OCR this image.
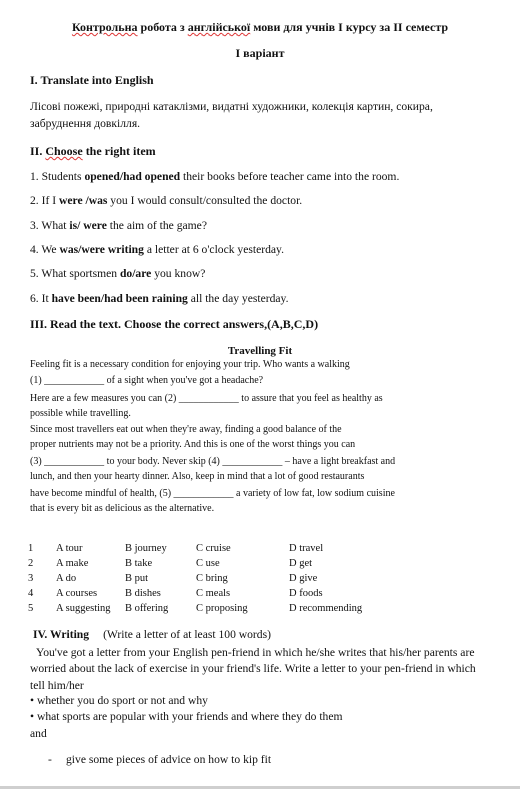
Контрольна робота з англійської мови для учнів І курсу за ІІ семестр
І варіант
I. Translate into English
Лісові пожежі, природні катаклізми, видатні художники, колекція картин, сокира,
забруднення довкілля.
II. Choose the right item
1. Students opened/had opened their books before teacher came into the room.
2. If I were /was you I would consult/consulted the doctor.
3. What is/ were the aim of the game?
4. We was/were writing a letter at 6 o'clock yesterday.
5. What sportsmen do/are you know?
6. It have been/had been raining all the day yesterday.
III. Read the text. Choose the correct answers,(A,B,C,D)
Travelling Fit
Feeling fit is a necessary condition for enjoying your trip. Who wants a walking
(1) ____________ of a sight when you've got a headache?
Here are a few measures you can (2) ____________ to assure that you feel as healthy as
possible while travelling.
Since most travellers eat out when they're away, finding a good balance of the
proper nutrients may not be a priority. And this is one of the worst things you can
(3) ____________ to your body. Never skip (4) ____________ – have a light breakfast and
lunch, and then your hearty dinner. Also, keep in mind that a lot of good restaurants
have become mindful of health, (5) ____________ a variety of low fat, low sodium cuisine
that is every bit as delicious as the alternative.
1	A tour	B journey	C cruise	D travel
2	A make	B take	C use	D get
3	A do	B put	C bring	D give
4	A courses	B dishes	C meals	D foods
5	A suggesting	B offering	C proposing	D recommending
IV. Writing (Write a letter of at least 100 words)
You've got a letter from your English pen-friend in which he/she writes that his/her parents are
worried about the lack of exercise in your friend's life. Write a letter to your pen-friend in which
tell him/her
• whether you do sport or not and why
• what sports are popular with your friends and where they do them
and
- give some pieces of advice on how to kip fit
